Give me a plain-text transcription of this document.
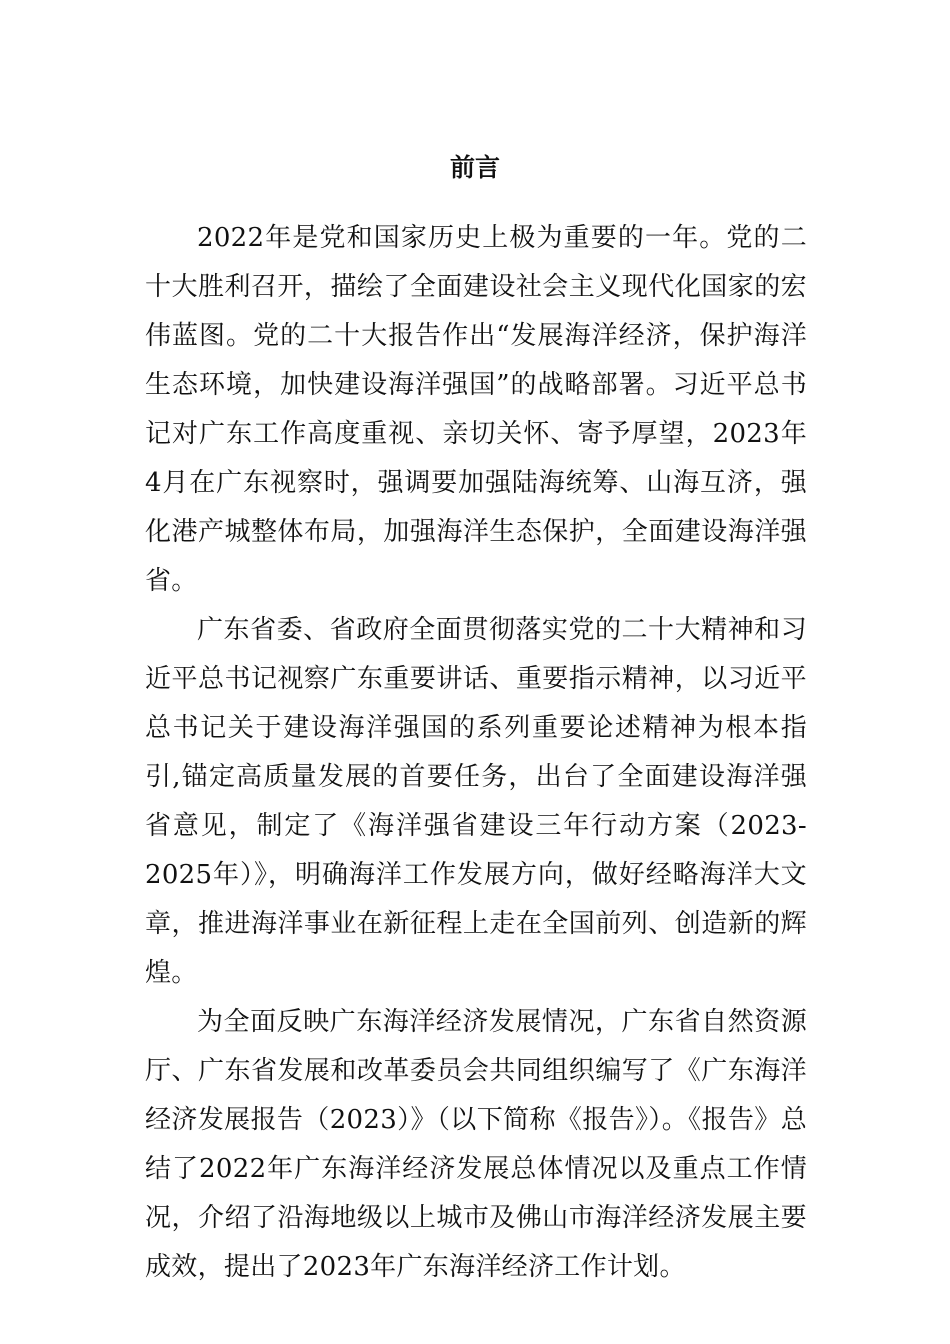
前言

2022年是党和国家历史上极为重要的一年。党的二十大胜利召开，描绘了全面建设社会主义现代化国家的宏伟蓝图。党的二十大报告作出“发展海洋经济，保护海洋生态环境，加快建设海洋强国”的战略部署。习近平总书记对广东工作高度重视、亲切关怀、寄予厚望，2023年4月在广东视察时，强调要加强陆海统筹、山海互济，强化港产城整体布局，加强海洋生态保护，全面建设海洋强省。

广东省委、省政府全面贯彻落实党的二十大精神和习近平总书记视察广东重要讲话、重要指示精神，以习近平总书记关于建设海洋强国的系列重要论述精神为根本指引,锚定高质量发展的首要任务，出台了全面建设海洋强省意见，制定了《海洋强省建设三年行动方案（2023-2025年）》，明确海洋工作发展方向，做好经略海洋大文章，推进海洋事业在新征程上走在全国前列、创造新的辉煌。

为全面反映广东海洋经济发展情况，广东省自然资源厅、广东省发展和改革委员会共同组织编写了《广东海洋经济发展报告（2023）》（以下简称《报告》）。《报告》总结了2022年广东海洋经济发展总体情况以及重点工作情况，介绍了沿海地级以上城市及佛山市海洋经济发展主要成效，提出了2023年广东海洋经济工作计划。
